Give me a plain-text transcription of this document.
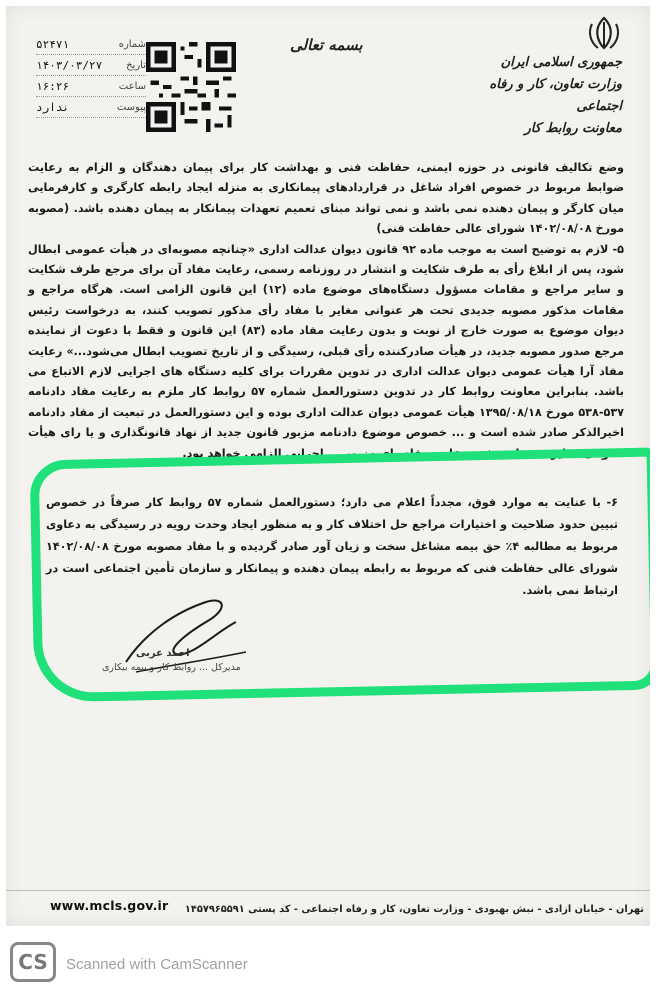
بسمه تعالی
جمهوری اسلامی ایران
وزارت تعاون، کار و رفاه اجتماعی
معاونت روابط کار
شماره
۵۲۴۷۱
تاریخ
۱۴۰۳/۰۳/۲۷
ساعت
۱۶:۲۶
پیوست
ندارد

وضع تکالیف قانونی در حوزه ایمنی، حفاظت فنی و بهداشت کار برای پیمان دهندگان و الزام به رعایت ضوابط مربوط در خصوص افراد شاغل در قراردادهای پیمانکاری به منزله ایجاد رابطه کارگری و کارفرمایی میان کارگر و پیمان دهنده نمی باشد و نمی تواند مبنای تعمیم تعهدات پیمانکار به پیمان دهنده باشد. (مصوبه مورخ ۱۴۰۲/۰۸/۰۸ شورای عالی حفاظت فنی)

۵- لازم به توضیح است به موجب ماده ۹۲ قانون دیوان عدالت اداری «چنانچه مصوبه‌ای در هیأت عمومی ابطال شود، پس از ابلاغ رأی به طرف شکایت و انتشار در روزنامه رسمی، رعایت مفاد آن برای مرجع طرف شکایت و سایر مراجع و مقامات مسؤول دستگاه‌های موضوع ماده (۱۲) این قانون الزامی است. هرگاه مراجع و مقامات مذکور مصوبه جدیدی تحت هر عنوانی مغایر با مفاد رأی مذکور تصویب کنند، به درخواست رئیس دیوان موضوع به صورت خارج از نوبت و بدون رعایت مفاد ماده (۸۳) این قانون و فقط با دعوت از نماینده مرجع صدور مصوبه جدید، در هیأت صادرکننده رأی قبلی، رسیدگی و از تاریخ تصویب ابطال می‌شود...» رعایت مفاد آرا هیأت عمومی دیوان عدالت اداری در تدوین مقررات برای کلیه دستگاه های اجرایی لازم الاتباع می باشد. بنابراین معاونت روابط کار در تدوین دستورالعمل شماره ۵۷ روابط کار ملزم به رعایت مفاد دادنامه ۵۳۷-۵۳۸ مورخ ۱۳۹۵/۰۸/۱۸ هیأت عمومی دیوان عدالت اداری بوده و این دستورالعمل در تبعیت از مفاد دادنامه اخیرالذکر صادر شده است و ... خصوص موضوع دادنامه مزبور قانون جدید از نهاد قانونگذاری و یا رای هیأت عمومی مغایر ... صادر نشود رعایت مفاد رای مزبور ... اجرایی الزامی خواهد بود.

۶- با عنایت به موارد فوق، مجدداً اعلام می دارد؛ دستورالعمل شماره ۵۷ روابط کار صرفاً در خصوص تبیین حدود صلاحیت و اختیارات مراجع حل اختلاف کار و به منظور ایجاد وحدت رویه در رسیدگی به دعاوی مربوط به مطالبه ۴٪ حق بیمه مشاغل سخت و زیان آور صادر گردیده و با مفاد مصوبه مورخ ۱۴۰۲/۰۸/۰۸ شورای عالی حفاظت فنی که مربوط به رابطه پیمان دهنده و پیمانکار و سازمان تأمین اجتماعی است در ارتباط نمی باشد.

احمد عربی
مدیرکل ... روابط کار و بیمه بیکاری
www.mcls.gov.ir	تهران - خیابان آزادی - نبش بهبودی - وزارت تعاون، کار و رفاه اجتماعی - کد پستی ۱۴۵۷۹۶۵۵۹۱
CS	Scanned with CamScanner
